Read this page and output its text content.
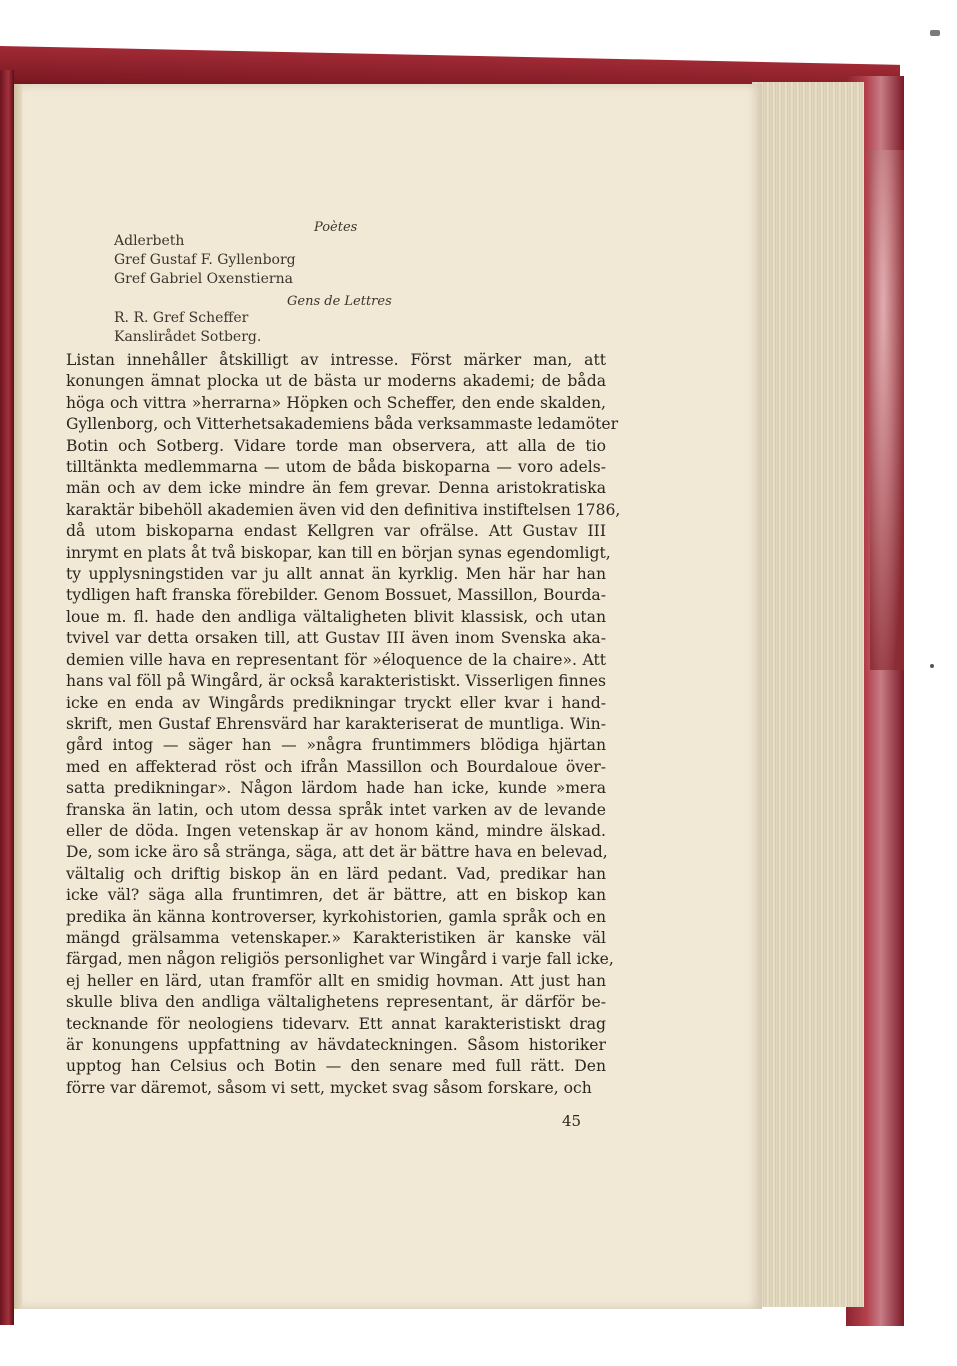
Poètes
Adlerbeth
Gref Gustaf F. Gyllenborg
Gref Gabriel Oxenstierna
Gens de Lettres
R. R. Gref Scheffer
Kanslirådet Sotberg.
Listan innehåller åtskilligt av intresse. Först märker man, att
konungen ämnat plocka ut de bästa ur moderns akademi; de båda
höga och vittra »herrarna» Höpken och Scheffer, den ende skalden,
Gyllenborg, och Vitterhetsakademiens båda verksammaste ledamöter
Botin och Sotberg. Vidare torde man observera, att alla de tio
tilltänkta medlemmarna — utom de båda biskoparna — voro adels-
män och av dem icke mindre än fem grevar. Denna aristokratiska
karaktär bibehöll akademien även vid den definitiva instiftelsen 1786,
då utom biskoparna endast Kellgren var ofrälse. Att Gustav III
inrymt en plats åt två biskopar, kan till en början synas egendomligt,
ty upplysningstiden var ju allt annat än kyrklig. Men här har han
tydligen haft franska förebilder. Genom Bossuet, Massillon, Bourda-
loue m. fl. hade den andliga vältaligheten blivit klassisk, och utan
tvivel var detta orsaken till, att Gustav III även inom Svenska aka-
demien ville hava en representant för »éloquence de la chaire». Att
hans val föll på Wingård, är också karakteristiskt. Visserligen finnes
icke en enda av Wingårds predikningar tryckt eller kvar i hand-
skrift, men Gustaf Ehrensvärd har karakteriserat de muntliga. Win-
gård intog — säger han — »några fruntimmers blödiga hjärtan
med en affekterad röst och ifrån Massillon och Bourdaloue över-
satta predikningar». Någon lärdom hade han icke, kunde »mera
franska än latin, och utom dessa språk intet varken av de levande
eller de döda. Ingen vetenskap är av honom känd, mindre älskad.
De, som icke äro så stränga, säga, att det är bättre hava en belevad,
vältalig och driftig biskop än en lärd pedant. Vad, predikar han
icke väl? säga alla fruntimren, det är bättre, att en biskop kan
predika än känna kontroverser, kyrkohistorien, gamla språk och en
mängd grälsamma vetenskaper.» Karakteristiken är kanske väl
färgad, men någon religiös personlighet var Wingård i varje fall icke,
ej heller en lärd, utan framför allt en smidig hovman. Att just han
skulle bliva den andliga vältalighetens representant, är därför be-
tecknande för neologiens tidevarv. Ett annat karakteristiskt drag
är konungens uppfattning av hävdateckningen. Såsom historiker
upptog han Celsius och Botin — den senare med full rätt. Den
förre var däremot, såsom vi sett, mycket svag såsom forskare, och
45
